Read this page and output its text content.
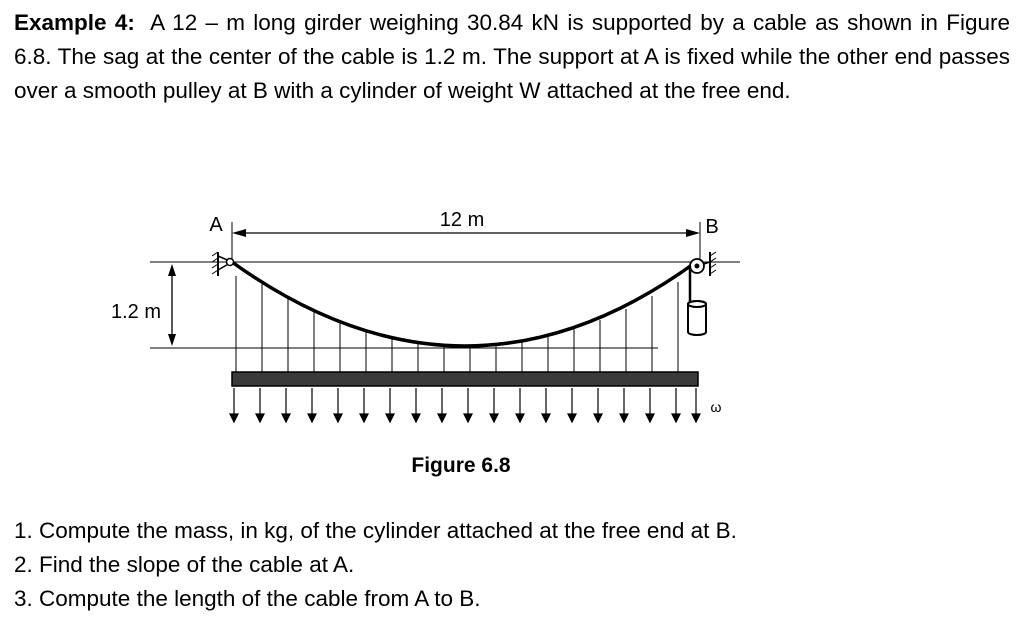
Example 4: A 12 – m long girder weighing 30.84 kN is supported by a cable as shown in Figure 6.8. The sag at the center of the cable is 1.2 m. The support at A is fixed while the other end passes over a smooth pulley at B with a cylinder of weight W attached at the free end.
12 m
A	B
1.2 m
ω
Figure 6.8
1. Compute the mass, in kg, of the cylinder attached at the free end at B.
2. Find the slope of the cable at A.
3. Compute the length of the cable from A to B.
